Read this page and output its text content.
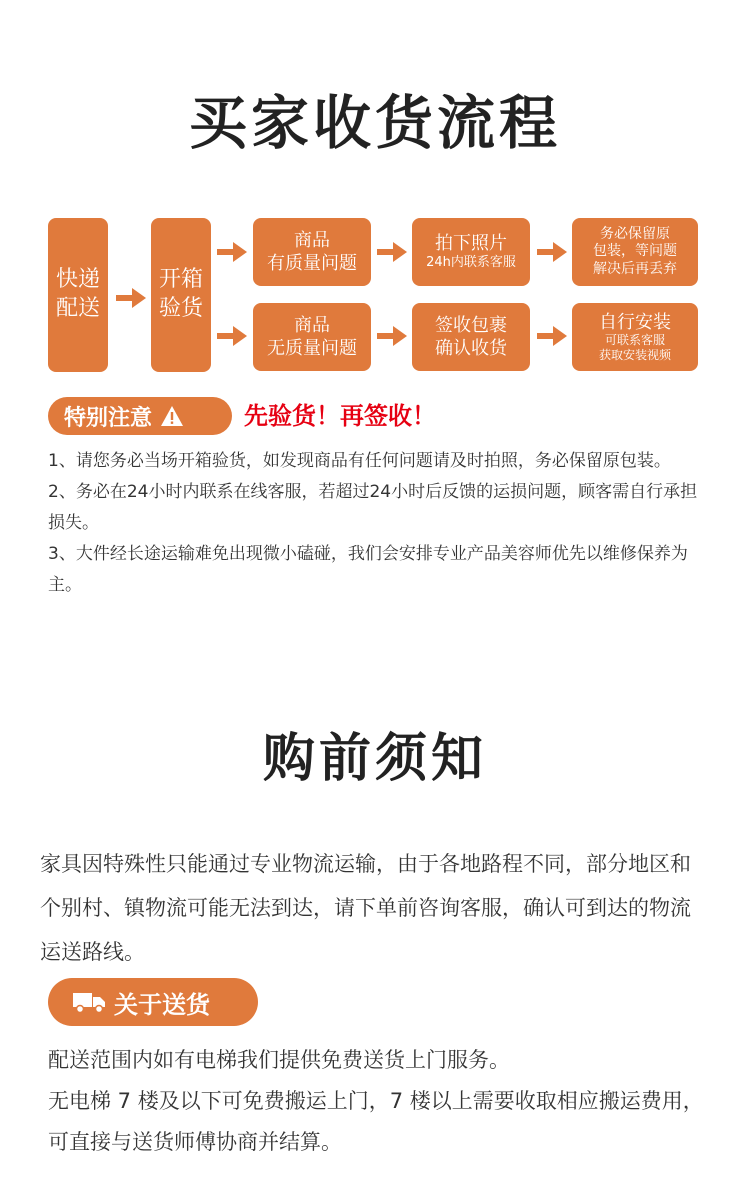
买家收货流程
快递
配送
开箱
验货
商品
有质量问题
拍下照片
24h内联系客服
务必保留原
包装，等问题
解决后再丢弃
商品
无质量问题
签收包裹
确认收货
自行安装
可联系客服
获取安装视频
特别注意	先验货！再签收！

1、请您务必当场开箱验货，如发现商品有任何问题请及时拍照，务必保留原包装。

2、务必在24小时内联系在线客服，若超过24小时后反馈的运损问题，顾客需自行承担损失。

3、大件经长途运输难免出现微小磕碰，我们会安排专业产品美容师优先以维修保养为主。

购前须知
家具因特殊性只能通过专业物流运输，由于各地路程不同，部分地区和个别村、镇物流可能无法到达，请下单前咨询客服，确认可到达的物流运送路线。
关于送货

配送范围内如有电梯我们提供免费送货上门服务。

无电梯 7 楼及以下可免费搬运上门，7 楼以上需要收取相应搬运费用，可直接与送货师傅协商并结算。
